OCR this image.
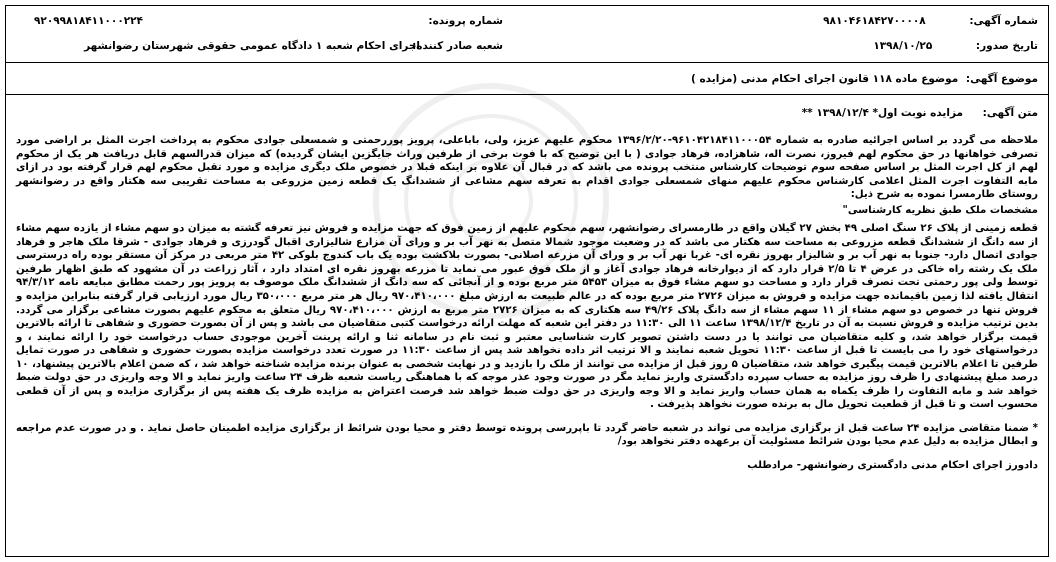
شماره آگهی: ۹۸۱۰۴۶۱۸۴۲۷۰۰۰۰۸
تاریخ صدور: ۱۳۹۸/۱۰/۲۵
شماره پرونده:
شعبه صادر کننده:
۹۲۰۹۹۸۱۸۴۱۱۰۰۰۲۲۴
اجرای احکام شعبه ۱ دادگاه عمومی حقوقی شهرستان رضوانشهر
موضوع آگهی: موضوع ماده ۱۱۸ قانون اجرای احکام مدنی (مزایده )
متن آگهی: مزایده نوبت اول* ۱۳۹۸/۱۲/۴ **

ملاحظه می گردد بر اساس اجرائیه صادره به شماره ۹۶۱۰۴۲۱۸۴۱۱۰۰۰۵۴-۱۳۹۶/۲/۲۰ محکوم علیهم عزیز، ولی، باباعلی، پرویز پوررحمتی و شمسعلی جوادی محکوم به پرداخت اجرت المثل بر اراضی مورد تصرفی خواهانها در حق محکوم لهم فیروز، نصرت اله، شاهزاده، فرهاد جوادی ( با این توضیح که با فوت برخی از طرفین وراث جایگزین ایشان گردیده) که میزان قدرالسهم قابل دریافت هر یک از محکوم لهم از کل اجرت المثل بر اساس صفحه سوم توضیحات کارشناس منتخب پرونده می باشد که در قبال آن علاوه بر اینکه قبلا در خصوص ملک دیگری مزایده و مورد تقبل محکوم لهم قرار گرفته بود در ازای مابه التفاوت اجرت المثل اعلامی کارشناس محکوم علیهم منهای شمسعلی جوادی اقدام به تعرفه سهم مشاعی از ششدانگ یک قطعه زمین مزروعی به مساحت تقریبی سه هکتار واقع در رضوانشهر روستای طارمسرا نموده به شرح ذیل:

مشخصات ملک طبق نظریه کارشناسی"

قطعه زمینی از پلاک ۲۶ سنگ اصلی ۴۹ بخش ۲۷ گیلان واقع در طارمسرای رضوانشهر، سهم محکوم علیهم از زمین فوق که جهت مزایده و فروش نیز تعرفه گشته به میزان دو سهم مشاء از یازده سهم مشاء از سه دانگ از ششدانگ قطعه مزروعی به مساحت سه هکتار می باشد که در وضعیت موجود شمالا متصل به نهر آب بر و ورای آن مزارع شالیزاری اقبال گودرزی و فرهاد جوادی - شرقا ملک هاجر و فرهاد جوادی اتصال دارد- جنوبا به نهر آب بر و شالیزار بهروز نقره ای- غربا نهر آب بر و ورای آن مزرعه اصلانی- بصورت بلاکشت بوده یک باب کندوج بلوکی ۴۲ متر مربعی در مرکز آن مستقر بوده راه درسترسی ملک یک رشته راه خاکی در عرض ۴ تا ۲/۵ قرار دارد که از دیوارخانه فرهاد جوادی آغاز و از ملک فوق عبور می نماید تا مزرعه بهروز نقره ای امتداد دارد ، آثار زراعت در آن مشهود که طبق اظهار طرفین توسط ولی پور رحمتی تحت تصرف قرار دارد و مساحت دو سهم مشاء فوق به میزان ۵۴۵۳ متر مربع بوده و از آنجائی که سه دانگ از ششدانگ ملک موصوف به پرویز پور رحمت مطابق مبایعه نامه ۹۴/۳/۱۲ انتقال یافته لذا زمین باقیمانده جهت مزایده و فروش به میزان ۲۷۲۶ متر مربع بوده که در عالم طبیعت به ارزش مبلغ ۹۷۰،۴۱۰،۰۰۰ ریال هر متر مربع ۳۵۰،۰۰۰ ریال مورد ارزیابی قرار گرفته بنابراین مزایده و فروش تنها در خصوص دو سهم مشاء از ۱۱ سهم مشاء از سه دانگ پلاک ۴۹/۲۶ سه هکتاری که به میزان ۲۷۲۶ متر مربع به ارزش ۹۷۰،۴۱۰،۰۰۰ ریال متعلق به محکوم علیهم بصورت مشاعی برگزار می گردد. بدین ترتیب مزایده و فروش نسبت به آن در تاریخ ۱۳۹۸/۱۲/۴ ساعت ۱۱ الی ۱۱:۳۰ در دفتر این شعبه که مهلت ارائه درخواست کتبی متقاضیان می باشد و پس از آن بصورت حضوری و شفاهی تا ارائه بالاترین قیمت برگزار خواهد شد، و کلیه متقاضیان می توانند یا در دست داشتن تصویر کارت شناسایی معتبر و ثبت نام در سامانه ثنا و ارائه پرینت آخرین موجودی حساب درخواست خود را ارائه نمایند ، و درخواستهای خود را می بایست تا قبل از ساعت ۱۱:۳۰ تحویل شعبه نمایند و الا ترتیب اثر داده نخواهد شد پس از ساعت ۱۱:۳۰ در صورت تعدد درخواست مزایده بصورت حضوری و شفاهی در صورت تمایل طرفین تا اعلام بالاترین قیمت پیگیری خواهد شد، متقاضیان ۵ روز قبل از مزایده می توانند از ملک را بازدید و در نهایت شخصی به عنوان برنده مزایده شناخته خواهد شد ، که ضمن اعلام بالاترین پیشنهاد، ۱۰ درصد مبلغ پیشنهادی را ظرف روز مزایده به حساب سپرده دادگستری واریز نماید مگر در صورت وجود عذر موجه که با هماهنگی ریاست شعبه ظرف ۲۴ ساعت واریز نماید و الا وجه واریزی در حق دولت ضبط خواهد شد و مابه التفاوت را ظرف یکماه به همان حساب واریز نماید و الا وجه واریزی در حق دولت ضبط خواهد شد فرصت اعتراض به مزایده ظرف یک هفته پس از برگزاری مزایده و پس از آن قطعی محسوب است و تا قبل از قطعیت تحویل مال به برنده صورت نخواهد پذیرفت .

* ضمنا متقاضی مزایده ۲۴ ساعت قبل از برگزاری مزایده می تواند در شعبه حاضر گردد تا باپررسی پرونده توسط دفتر و محیا بودن شرائط از برگزاری مزایده اطمینان حاصل نماید . و در صورت عدم مراجعه و ابطال مزایده به دلیل عدم محیا بودن شرائط مسئولیت آن برعهده دفتر نخواهد بود/

دادورز اجرای احکام مدنی دادگستری رضوانشهر- مرادطلب
